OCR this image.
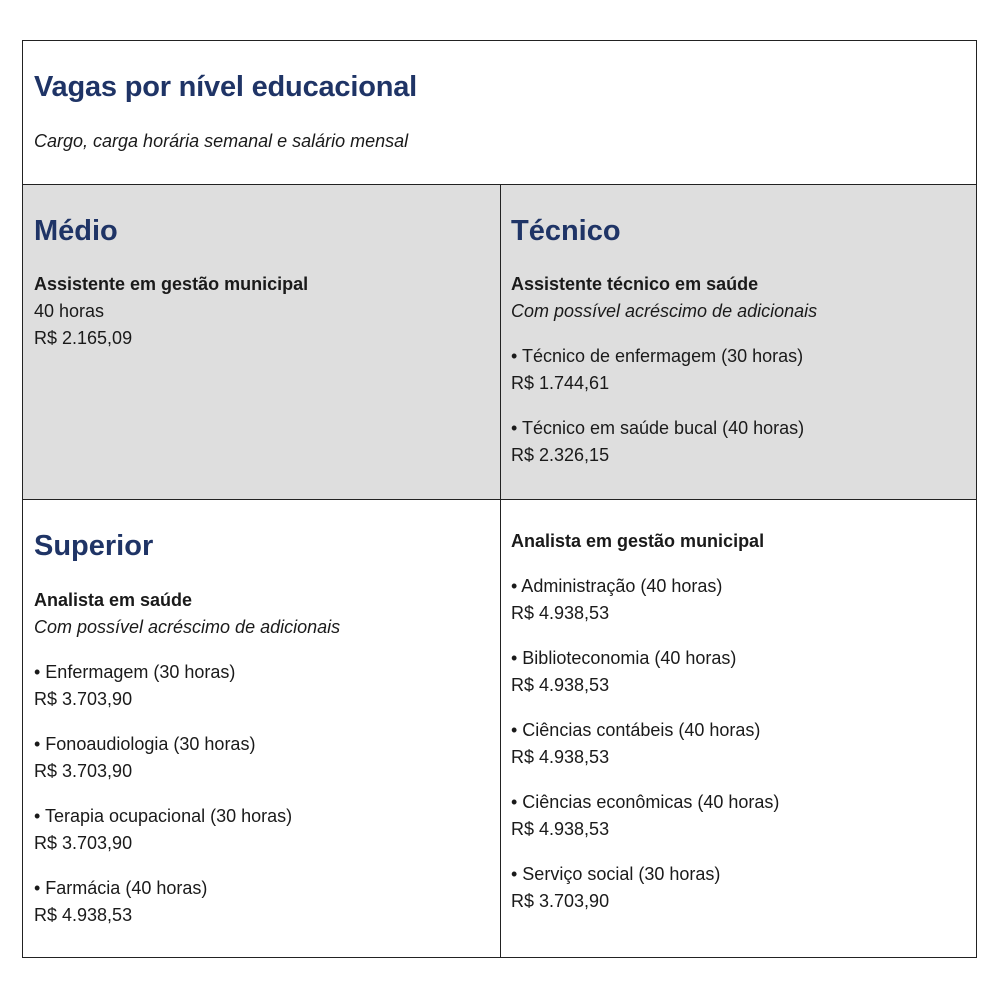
Vagas por nível educacional

Cargo, carga horária semanal e salário mensal

Médio
Assistente em gestão municipal
40 horas
R$ 2.165,09
Técnico
Assistente técnico em saúde
Com possível acréscimo de adicionais
• Técnico de enfermagem (30 horas)
R$ 1.744,61
• Técnico em saúde bucal (40 horas)
R$ 2.326,15
Superior
Analista em saúde
Com possível acréscimo de adicionais
• Enfermagem (30 horas)
R$ 3.703,90
• Fonoaudiologia (30 horas)
R$ 3.703,90
• Terapia ocupacional (30 horas)
R$ 3.703,90
• Farmácia (40 horas)
R$ 4.938,53
Analista em gestão municipal
• Administração (40 horas)
R$ 4.938,53
• Biblioteconomia (40 horas)
R$ 4.938,53
• Ciências contábeis (40 horas)
R$ 4.938,53
• Ciências econômicas (40 horas)
R$ 4.938,53
• Serviço social (30 horas)
R$ 3.703,90
